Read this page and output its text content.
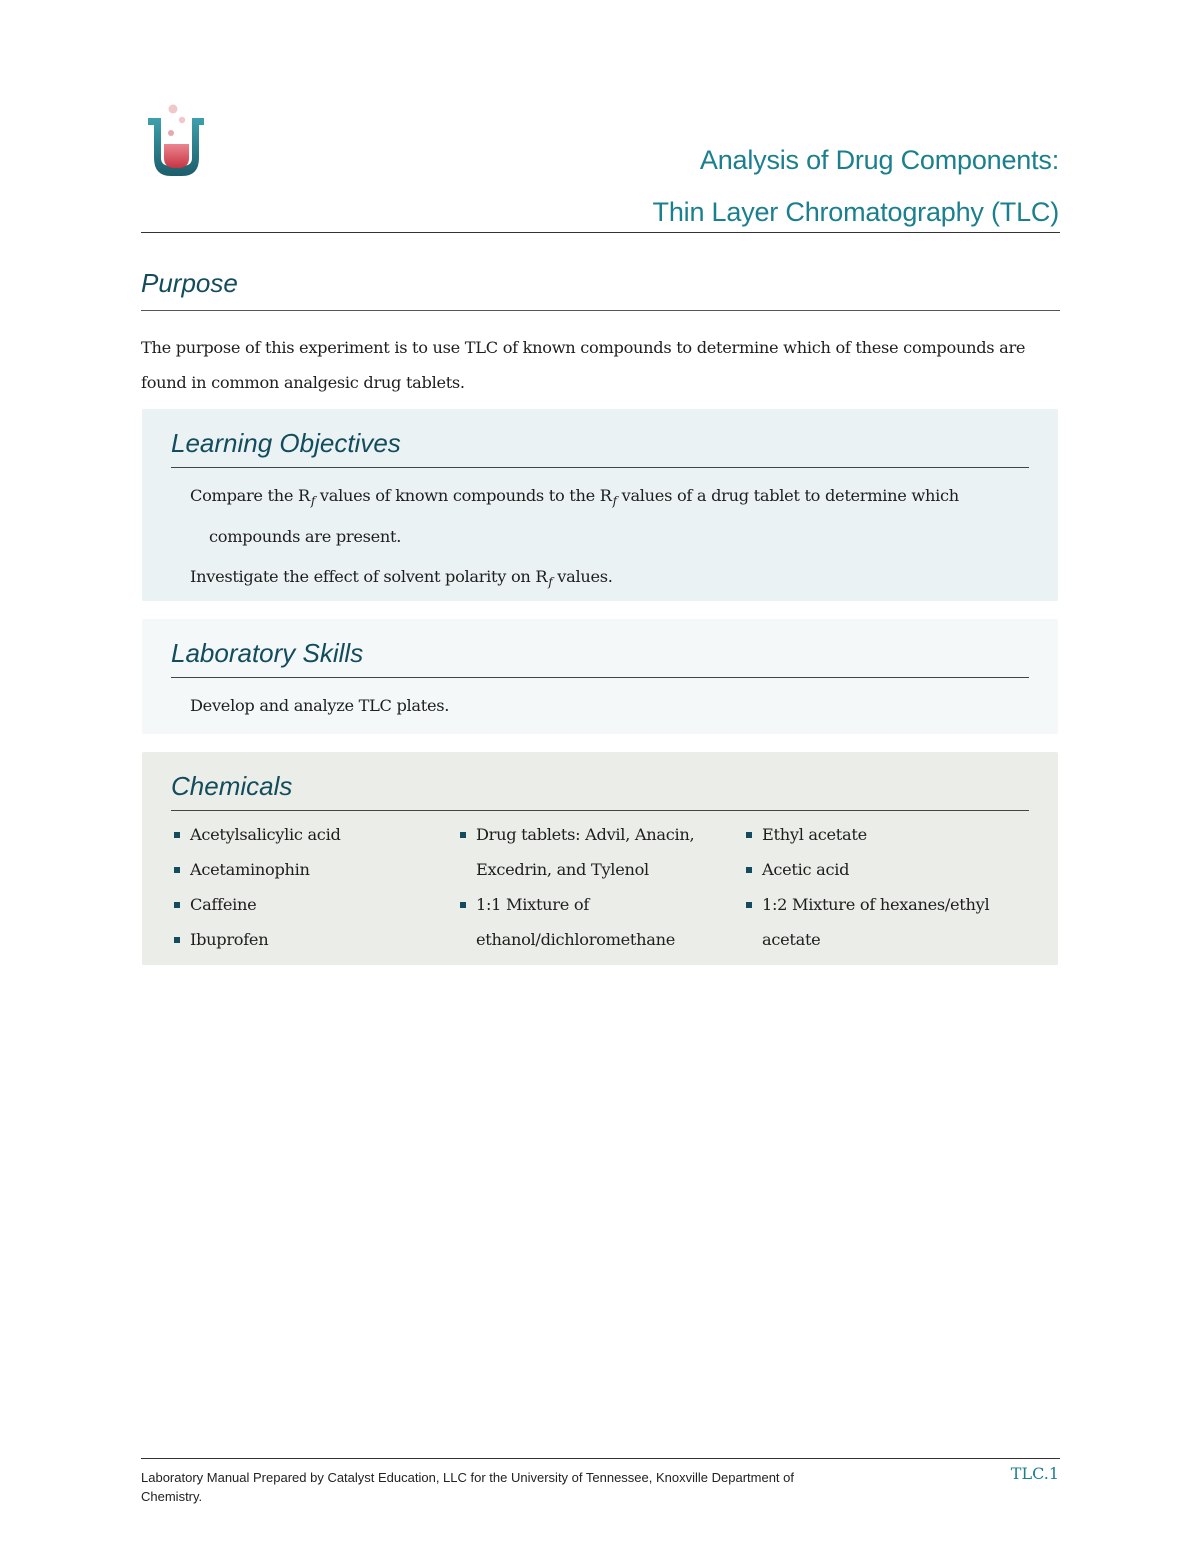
Analysis of Drug Components:
Thin Layer Chromatography (TLC)
Purpose
The purpose of this experiment is to use TLC of known compounds to determine which of these compounds are found in common analgesic drug tablets.
Learning Objectives
Compare the $R_f$ values of known compounds to the $R_f$ values of a drug tablet to determine which compounds are present.
Investigate the effect of solvent polarity on $R_f$ values.
Laboratory Skills
Develop and analyze TLC plates.
Chemicals
Acetylsalicylic acid
Acetaminophin
Caffeine
Ibuprofen
Drug tablets: Advil, Anacin, Excedrin, and Tylenol
1:1 Mixture of ethanol/dichloromethane
Ethyl acetate
Acetic acid
1:2 Mixture of hexanes/ethyl acetate
Laboratory Manual Prepared by Catalyst Education, LLC for the University of Tennessee, Knoxville Department of Chemistry.
TLC.1
